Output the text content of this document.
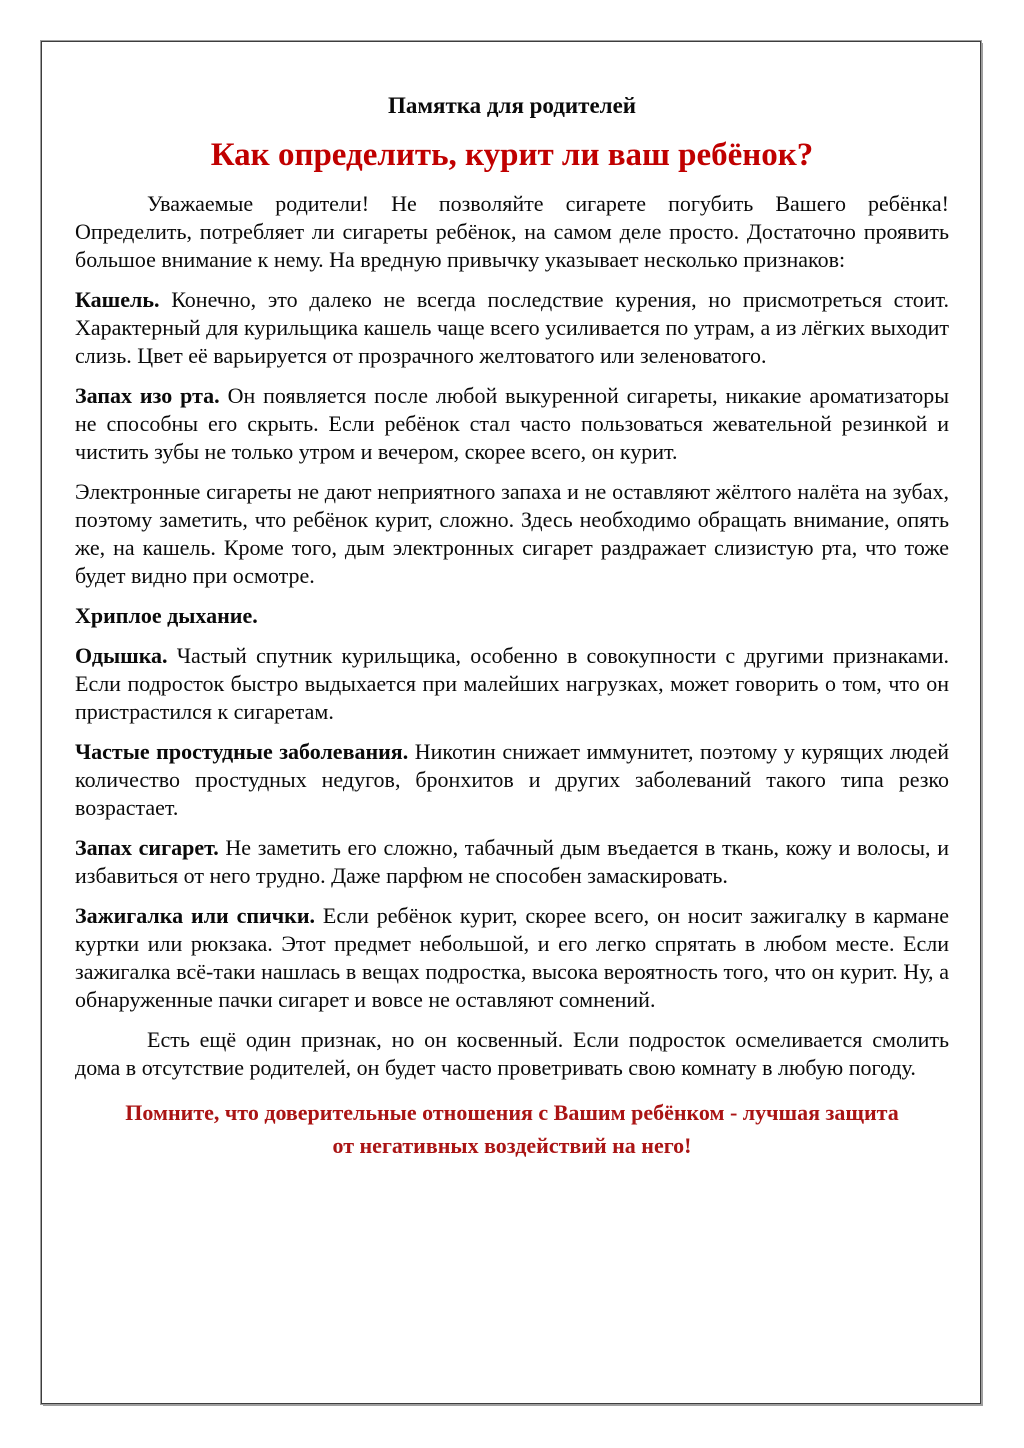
Памятка для родителей

Как определить, курит ли ваш ребёнок?

Уважаемые родители! Не позволяйте сигарете погубить Вашего ребёнка! Определить, потребляет ли сигареты ребёнок, на самом деле просто. Достаточно проявить большое внимание к нему. На вредную привычку указывает несколько признаков:

Кашель. Конечно, это далеко не всегда последствие курения, но присмотреться стоит. Характерный для курильщика кашель чаще всего усиливается по утрам, а из лёгких выходит слизь. Цвет её варьируется от прозрачного желтоватого или зеленоватого.

Запах изо рта. Он появляется после любой выкуренной сигареты, никакие ароматизаторы не способны его скрыть. Если ребёнок стал часто пользоваться жевательной резинкой и чистить зубы не только утром и вечером, скорее всего, он курит.

Электронные сигареты не дают неприятного запаха и не оставляют жёлтого налёта на зубах, поэтому заметить, что ребёнок курит, сложно. Здесь необходимо обращать внимание, опять же, на кашель. Кроме того, дым электронных сигарет раздражает слизистую рта, что тоже будет видно при осмотре.

Хриплое дыхание.

Одышка. Частый спутник курильщика, особенно в совокупности с другими признаками. Если подросток быстро выдыхается при малейших нагрузках, может говорить о том, что он пристрастился к сигаретам.

Частые простудные заболевания. Никотин снижает иммунитет, поэтому у курящих людей количество простудных недугов, бронхитов и других заболеваний такого типа резко возрастает.

Запах сигарет. Не заметить его сложно, табачный дым въедается в ткань, кожу и волосы, и избавиться от него трудно. Даже парфюм не способен замаскировать.

Зажигалка или спички. Если ребёнок курит, скорее всего, он носит зажигалку в кармане куртки или рюкзака. Этот предмет небольшой, и его легко спрятать в любом месте. Если зажигалка всё-таки нашлась в вещах подростка, высока вероятность того, что он курит. Ну, а обнаруженные пачки сигарет и вовсе не оставляют сомнений.

Есть ещё один признак, но он косвенный. Если подросток осмеливается смолить дома в отсутствие родителей, он будет часто проветривать свою комнату в любую погоду.

Помните, что доверительные отношения с Вашим ребёнком - лучшая защита от негативных воздействий на него!
